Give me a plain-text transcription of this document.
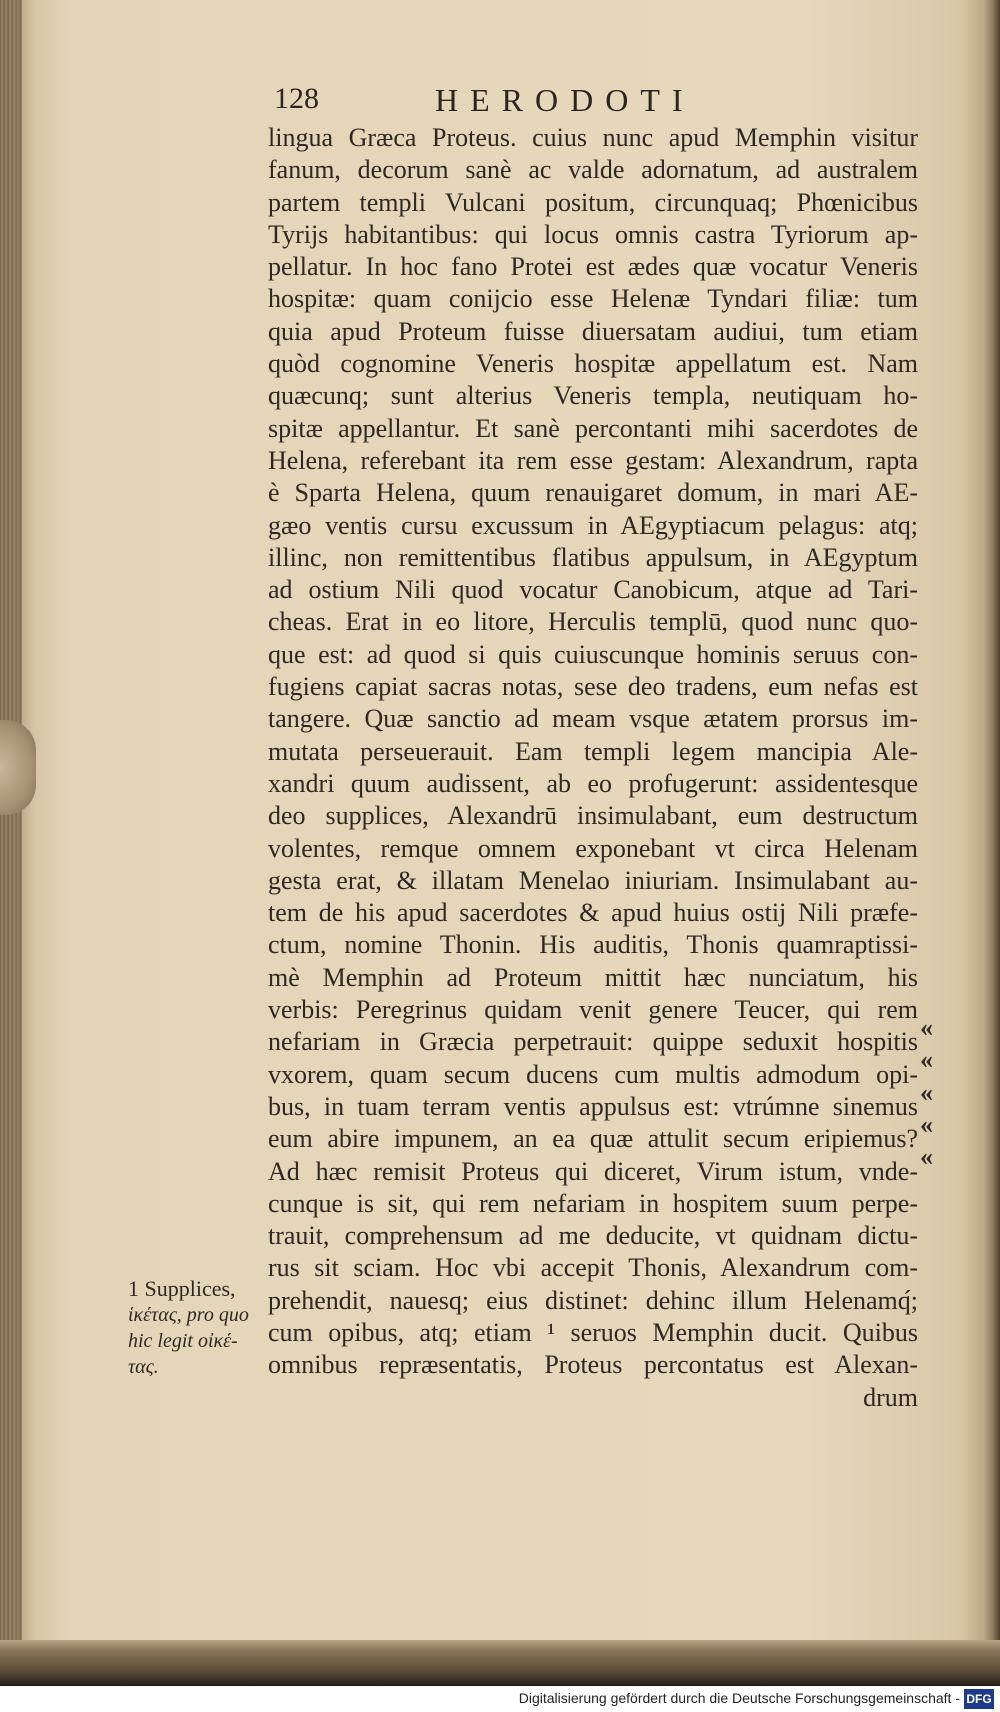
128	HERODOTI
lingua Græca Proteus. cuius nunc apud Memphin visitur
fanum, decorum sanè ac valde adornatum, ad australem
partem templi Vulcani positum, circunquaq; Phœnicibus
Tyrijs habitantibus: qui locus omnis castra Tyriorum ap-
pellatur. In hoc fano Protei est ædes quæ vocatur Veneris
hospitæ: quam conijcio esse Helenæ Tyndari filiæ: tum
quia apud Proteum fuisse diuersatam audiui, tum etiam
quòd cognomine Veneris hospitæ appellatum est. Nam
quæcunq; sunt alterius Veneris templa, neutiquam ho-
spitæ appellantur. Et sanè percontanti mihi sacerdotes de
Helena, referebant ita rem esse gestam: Alexandrum, rapta
è Sparta Helena, quum renauigaret domum, in mari AE-
gæo ventis cursu excussum in AEgyptiacum pelagus: atq;
illinc, non remittentibus flatibus appulsum, in AEgyptum
ad ostium Nili quod vocatur Canobicum, atque ad Tari-
cheas. Erat in eo litore, Herculis templū, quod nunc quo-
que est: ad quod si quis cuiuscunque hominis seruus con-
fugiens capiat sacras notas, sese deo tradens, eum nefas est
tangere. Quæ sanctio ad meam vsque ætatem prorsus im-
mutata perseuerauit. Eam templi legem mancipia Ale-
xandri quum audissent, ab eo profugerunt: assidentesque
deo supplices, Alexandrū insimulabant, eum destructum
volentes, remque omnem exponebant vt circa Helenam
gesta erat, & illatam Menelao iniuriam. Insimulabant au-
tem de his apud sacerdotes & apud huius ostij Nili præfe-
ctum, nomine Thonin. His auditis, Thonis quamraptissi-
mè Memphin ad Proteum mittit hæc nunciatum, his
verbis: Peregrinus quidam venit genere Teucer, qui rem
nefariam in Græcia perpetrauit: quippe seduxit hospitis
vxorem, quam secum ducens cum multis admodum opi-
bus, in tuam terram ventis appulsus est: vtrúmne sinemus
eum abire impunem, an ea quæ attulit secum eripiemus?
Ad hæc remisit Proteus qui diceret, Virum istum, vnde-
cunque is sit, qui rem nefariam in hospitem suum perpe-
trauit, comprehensum ad me deducite, vt quidnam dictu-
rus sit sciam. Hoc vbi accepit Thonis, Alexandrum com-
prehendit, nauesq; eius distinet: dehinc illum Helenamq́;
cum opibus, atq; etiam ¹ seruos Memphin ducit. Quibus
omnibus repræsentatis, Proteus percontatus est Alexan-
drum
«
«
«
«
«
1 Supplices,
ἱκέτας, pro quo
hic legit οἰκέ-
τας.
Digitalisierung gefördert durch die Deutsche Forschungsgemeinschaft - DFG
